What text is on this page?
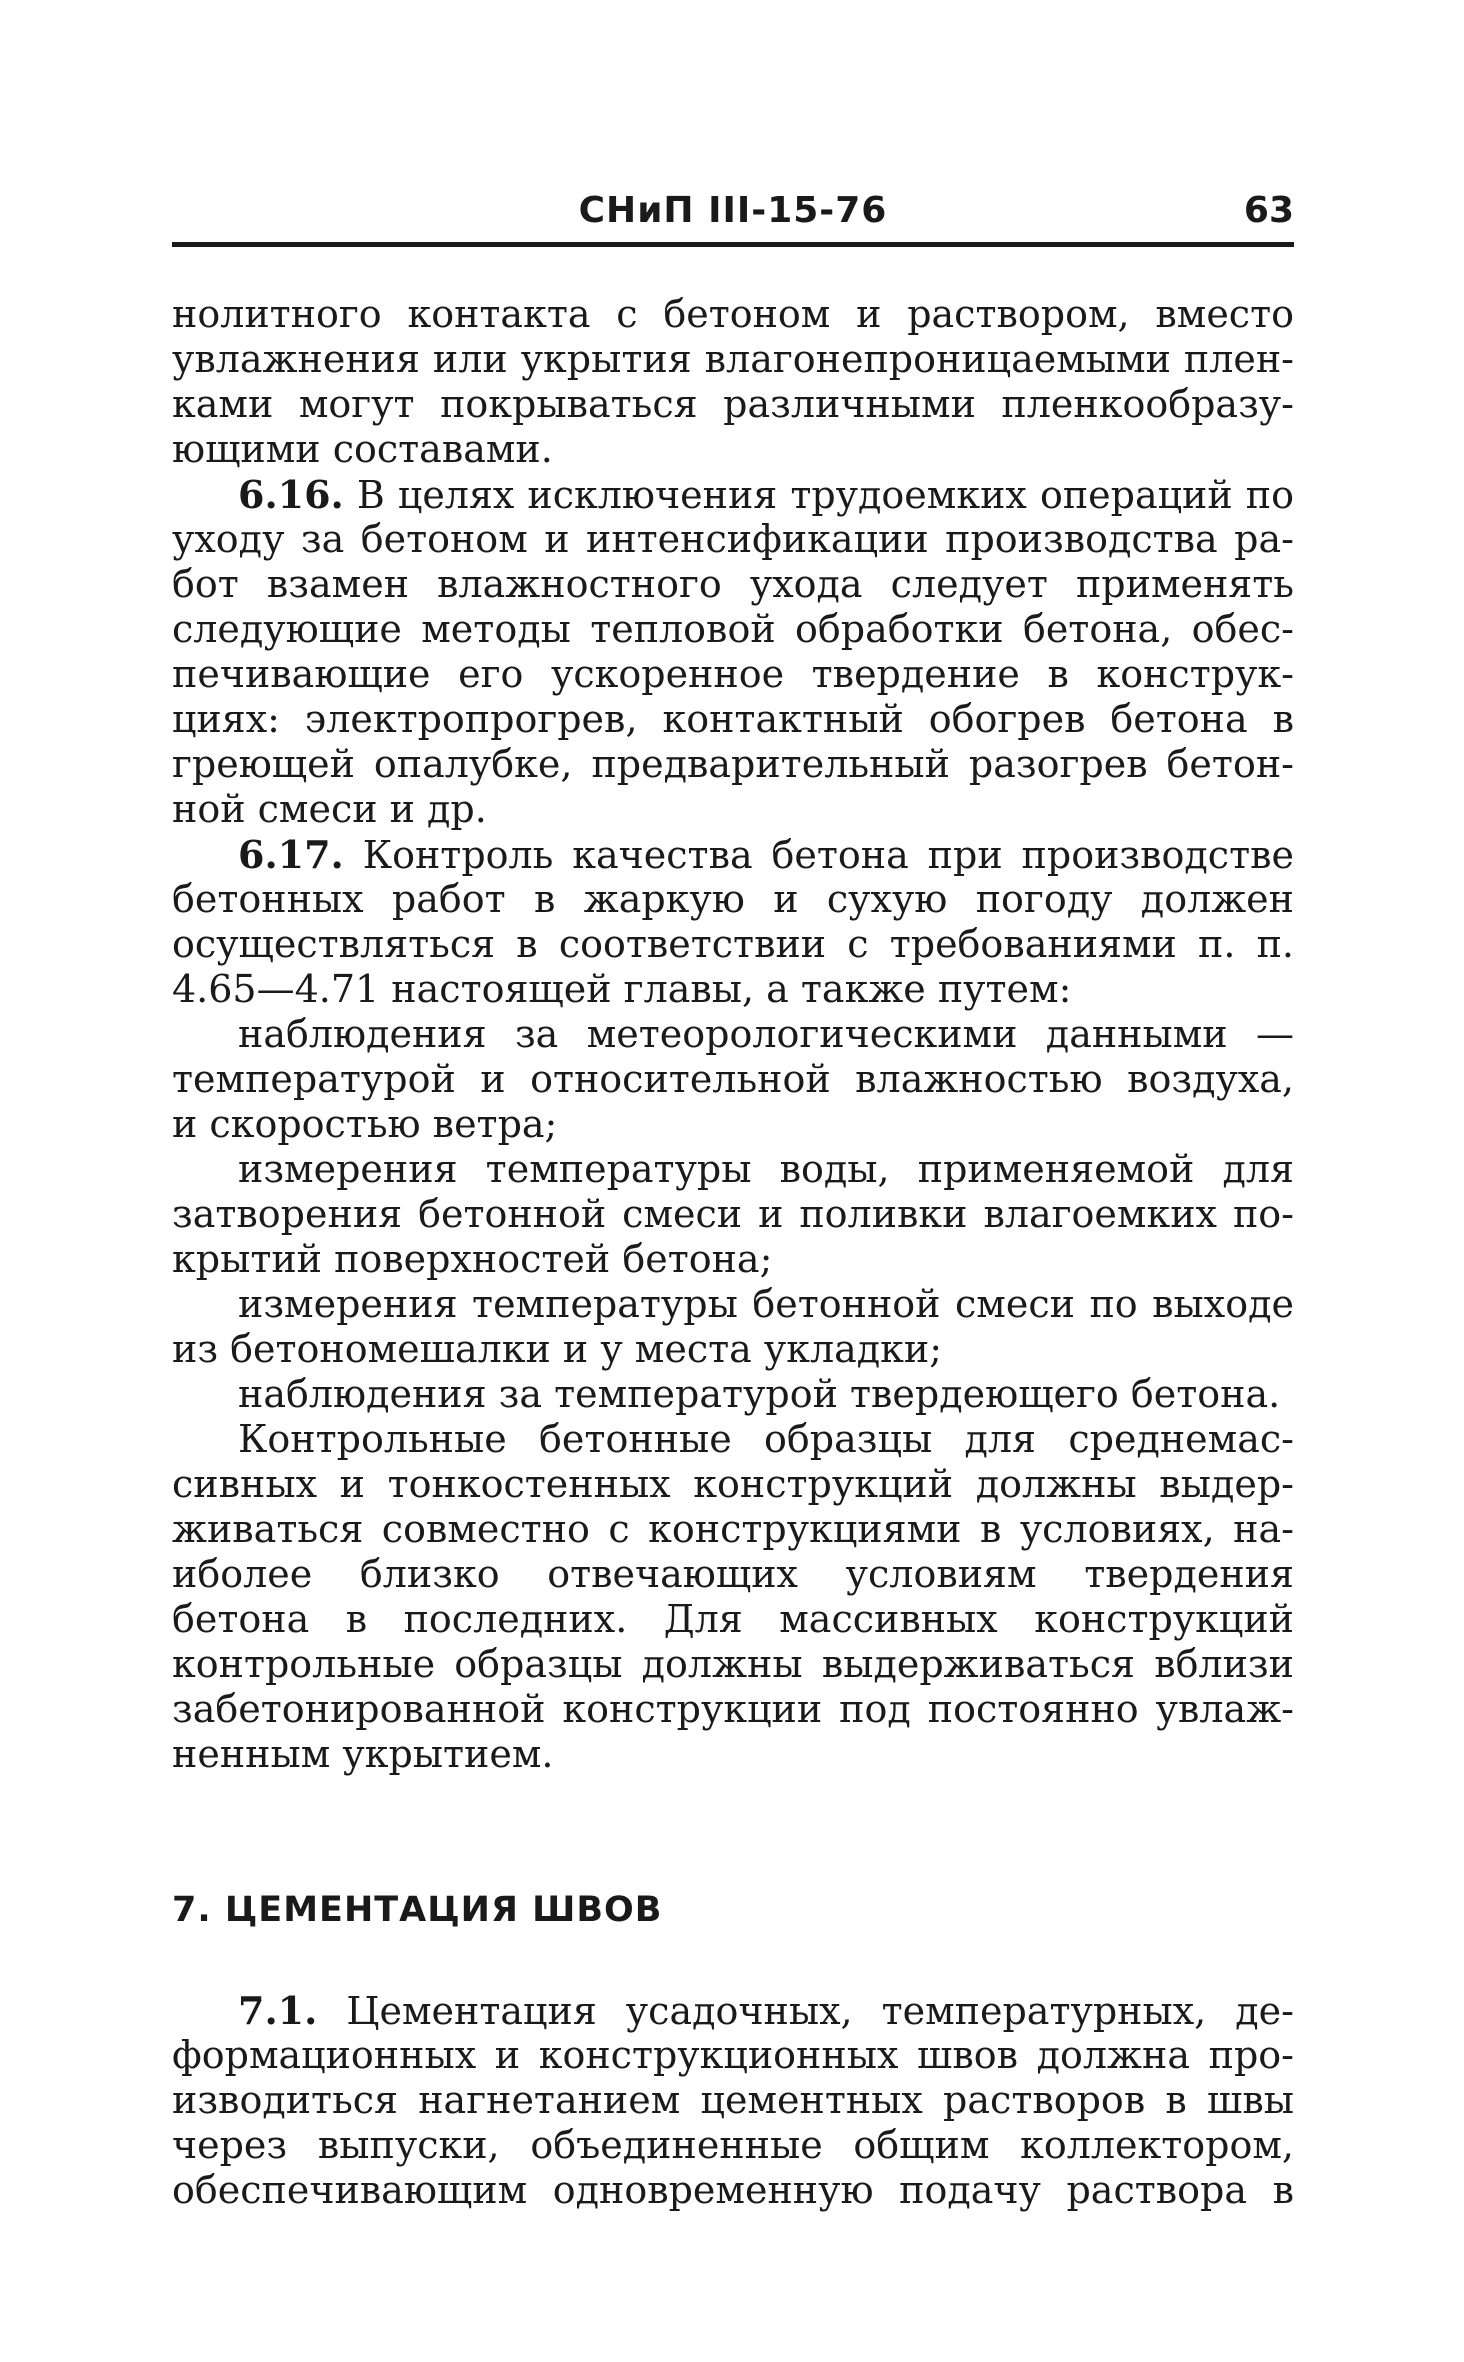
СНиП III-15-76	63
нолитного контакта с бетоном и раствором, вместо
увлажнения или укрытия влагонепроницаемыми плен-
ками могут покрываться различными пленкообразу-
ющими составами.
6.16. В целях исключения трудоемких операций по
уходу за бетоном и интенсификации производства ра-
бот взамен влажностного ухода следует применять
следующие методы тепловой обработки бетона, обес-
печивающие его ускоренное твердение в конструк-
циях: электропрогрев, контактный обогрев бетона в
греющей опалубке, предварительный разогрев бетон-
ной смеси и др.
6.17. Контроль качества бетона при производстве
бетонных работ в жаркую и сухую погоду должен
осуществляться в соответствии с требованиями п. п.
4.65—4.71 настоящей главы, а также путем:
наблюдения за метеорологическими данными —
температурой и относительной влажностью воздуха,
и скоростью ветра;
измерения температуры воды, применяемой для
затворения бетонной смеси и поливки влагоемких по-
крытий поверхностей бетона;
измерения температуры бетонной смеси по выходе
из бетономешалки и у места укладки;
наблюдения за температурой твердеющего бетона.
Контрольные бетонные образцы для среднемас-
сивных и тонкостенных конструкций должны выдер-
живаться совместно с конструкциями в условиях, на-
иболее близко отвечающих условиям твердения
бетона в последних. Для массивных конструкций
контрольные образцы должны выдерживаться вблизи
забетонированной конструкции под постоянно увлаж-
ненным укрытием.
7. ЦЕМЕНТАЦИЯ ШВОВ
7.1. Цементация усадочных, температурных, де-
формационных и конструкционных швов должна про-
изводиться нагнетанием цементных растворов в швы
через выпуски, объединенные общим коллектором,
обеспечивающим одновременную подачу раствора в
